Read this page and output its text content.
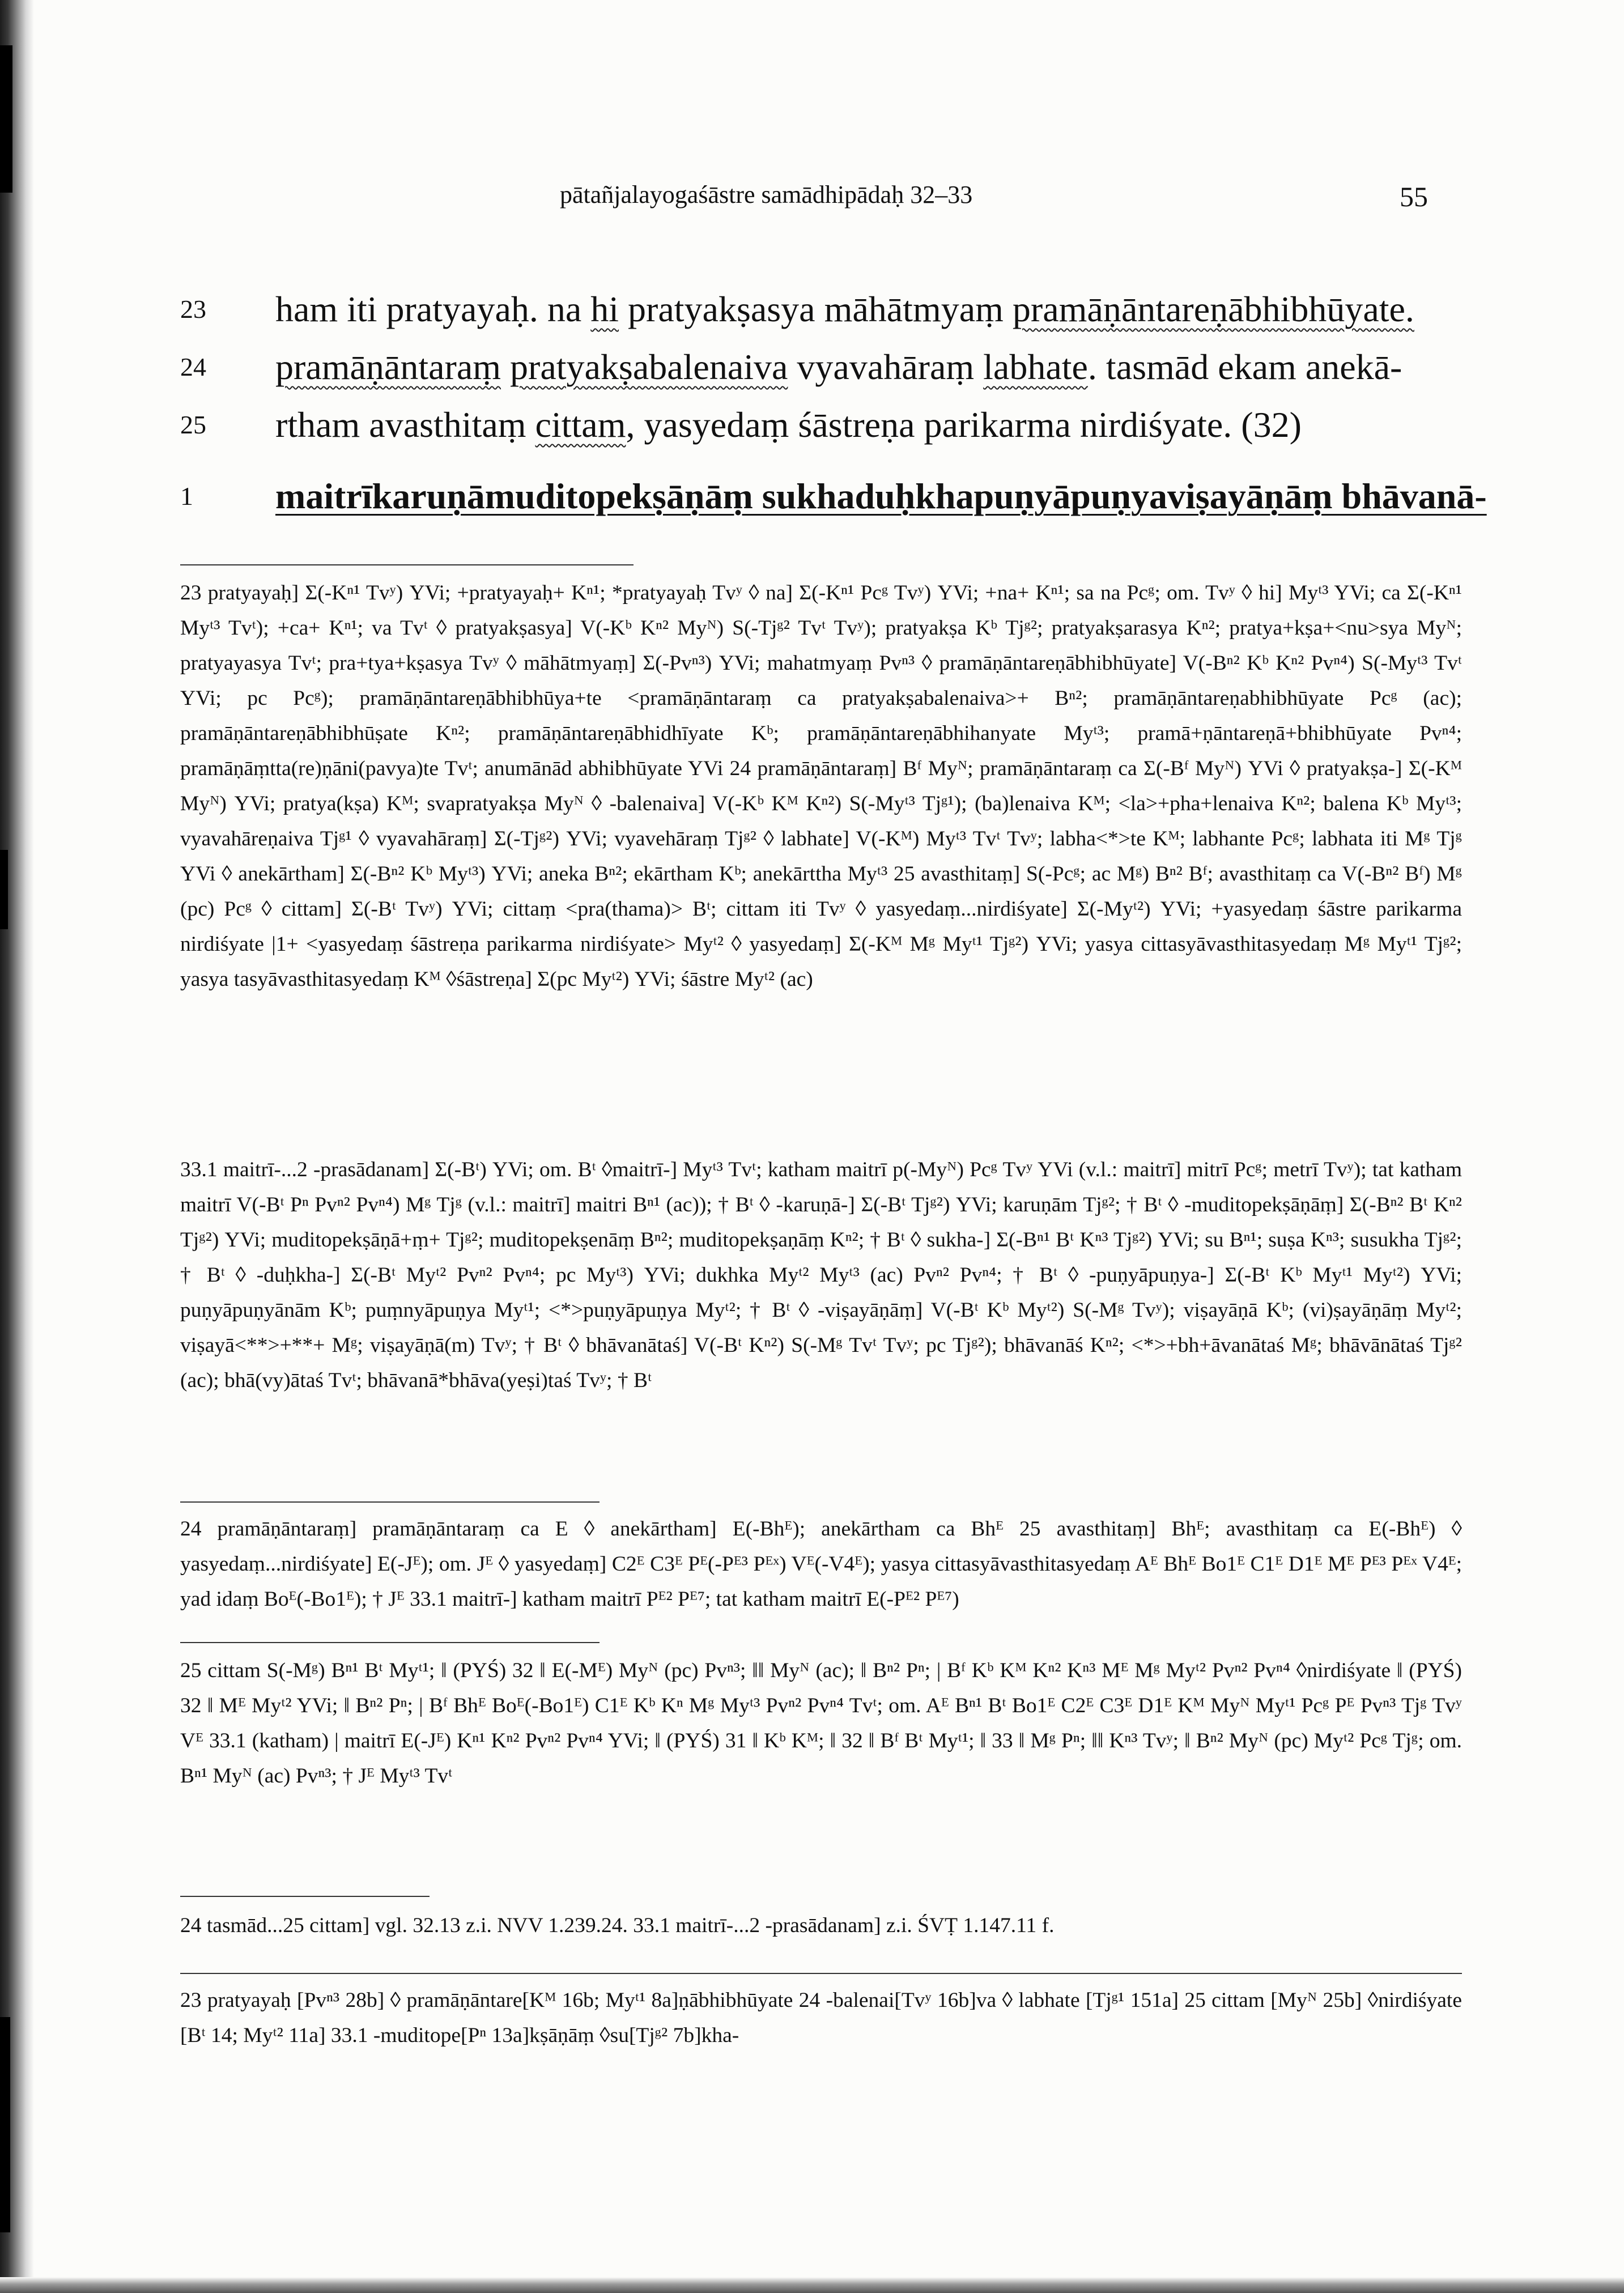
pātañjalayogaśāstre samādhipādaḥ 32–33	55
23 ham iti pratyayaḥ. na hi pratyakṣasya māhātmyaṃ pramāṇāntareṇābhibhūyate.
24 pramāṇāntaraṃ pratyakṣabalenaiva vyavahāraṃ labhate. tasmād ekam anekā-
25 rtham avasthitaṃ cittam, yasyedaṃ śāstreṇa parikarma nirdiśyate. (32)
1	maitrīkaruṇāmuditopekṣāṇāṃ sukhaduḥkhapuṇyāpuṇyaviṣayāṇāṃ bhāvanā-

23 pratyayaḥ] Σ(-Kⁿ¹ Tvʸ) YVi; +pratyayaḥ+ Kⁿ¹; *pratyayaḥ Tvʸ ◊ na] Σ(-Kⁿ¹ Pcᵍ Tvʸ) YVi; +na+ Kⁿ¹; sa na Pcᵍ; om. Tvʸ ◊ hi] Myᵗ³ YVi; ca Σ(-Kⁿ¹ Myᵗ³ Tvᵗ); +ca+ Kⁿ¹; va Tvᵗ ◊ pratyakṣasya] V(-Kᵇ Kⁿ² Myᴺ) S(-Tjᵍ² Tvᵗ Tvʸ); pratyakṣa Kᵇ Tjᵍ²; pratyakṣarasya Kⁿ²; pratya+kṣa+<nu>sya Myᴺ; pratyayasya Tvᵗ; pra+tya+kṣasya Tvʸ ◊ māhātmyaṃ] Σ(-Pvⁿ³) YVi; mahatmyaṃ Pvⁿ³ ◊ pramāṇāntareṇābhibhūyate] V(-Bⁿ² Kᵇ Kⁿ² Pvⁿ⁴) S(-Myᵗ³ Tvᵗ YVi; pc Pcᵍ); pramāṇāntareṇābhibhūya+te <pramāṇāntaraṃ ca pratyakṣabalenaiva>+ Bⁿ²; pramāṇāntareṇabhibhūyate Pcᵍ (ac); pramāṇāntareṇābhibhūṣate Kⁿ²; pramāṇāntareṇābhidhīyate Kᵇ; pramāṇāntareṇābhihanyate Myᵗ³; pramā+ṇāntareṇā+bhibhūyate Pvⁿ⁴; pramāṇāṃtta(re)ṇāni(pavya)te Tvᵗ; anumānād abhibhūyate YVi 24 pramāṇāntaraṃ] Bᶠ Myᴺ; pramāṇāntaraṃ ca Σ(-Bᶠ Myᴺ) YVi ◊ pratyakṣa-] Σ(-Kᴹ Myᴺ) YVi; pratya(kṣa) Kᴹ; svapratyakṣa Myᴺ ◊ -balenaiva] V(-Kᵇ Kᴹ Kⁿ²) S(-Myᵗ³ Tjᵍ¹); (ba)lenaiva Kᴹ; <la>+pha+lenaiva Kⁿ²; balena Kᵇ Myᵗ³; vyavahāreṇaiva Tjᵍ¹ ◊ vyavahāraṃ] Σ(-Tjᵍ²) YVi; vyavehāraṃ Tjᵍ² ◊ labhate] V(-Kᴹ) Myᵗ³ Tvᵗ Tvʸ; labha<*>te Kᴹ; labhante Pcᵍ; labhata iti Mᵍ Tjᵍ YVi ◊ anekārtham] Σ(-Bⁿ² Kᵇ Myᵗ³) YVi; aneka Bⁿ²; ekārtham Kᵇ; anekārttha Myᵗ³ 25 avasthitaṃ] S(-Pcᵍ; ac Mᵍ) Bⁿ² Bᶠ; avasthitaṃ ca V(-Bⁿ² Bᶠ) Mᵍ (pc) Pcᵍ ◊ cittam] Σ(-Bᵗ Tvʸ) YVi; cittaṃ <pra(thama)> Bᵗ; cittam iti Tvʸ ◊ yasyedaṃ...nirdiśyate] Σ(-Myᵗ²) YVi; +yasyedaṃ śāstre parikarma nirdiśyate |1+ <yasyedaṃ śāstreṇa parikarma nirdiśyate> Myᵗ² ◊ yasyedaṃ] Σ(-Kᴹ Mᵍ Myᵗ¹ Tjᵍ²) YVi; yasya cittasyāvasthitasyedaṃ Mᵍ Myᵗ¹ Tjᵍ²; yasya tasyāvasthitasyedaṃ Kᴹ ◊śāstreṇa] Σ(pc Myᵗ²) YVi; śāstre Myᵗ² (ac)

33.1 maitrī-...2 -prasādanam] Σ(-Bᵗ) YVi; om. Bᵗ ◊maitrī-] Myᵗ³ Tvᵗ; katham maitrī p(-Myᴺ) Pcᵍ Tvʸ YVi (v.l.: maitrī] mitrī Pcᵍ; metrī Tvʸ); tat katham maitrī V(-Bᵗ Pⁿ Pvⁿ² Pvⁿ⁴) Mᵍ Tjᵍ (v.l.: maitrī] maitri Bⁿ¹ (ac)); † Bᵗ ◊ -karuṇā-] Σ(-Bᵗ Tjᵍ²) YVi; karuṇām Tjᵍ²; † Bᵗ ◊ -muditopekṣāṇāṃ] Σ(-Bⁿ² Bᵗ Kⁿ² Tjᵍ²) YVi; muditopekṣāṇā+ṃ+ Tjᵍ²; muditopekṣenāṃ Bⁿ²; muditopekṣaṇāṃ Kⁿ²; † Bᵗ ◊ sukha-] Σ(-Bⁿ¹ Bᵗ Kⁿ³ Tjᵍ²) YVi; su Bⁿ¹; suṣa Kⁿ³; susukha Tjᵍ²; † Bᵗ ◊ -duḥkha-] Σ(-Bᵗ Myᵗ² Pvⁿ² Pvⁿ⁴; pc Myᵗ³) YVi; dukhka Myᵗ² Myᵗ³ (ac) Pvⁿ² Pvⁿ⁴; † Bᵗ ◊ -puṇyāpuṇya-] Σ(-Bᵗ Kᵇ Myᵗ¹ Myᵗ²) YVi; puṇyāpuṇyānām Kᵇ; puṃnyāpuṇya Myᵗ¹; <*>puṇyāpuṇya Myᵗ²; † Bᵗ ◊ -viṣayāṇāṃ] V(-Bᵗ Kᵇ Myᵗ²) S(-Mᵍ Tvʸ); viṣayāṇā Kᵇ; (vi)ṣayāṇāṃ Myᵗ²; viṣayā<**>+**+ Mᵍ; viṣayāṇā(m) Tvʸ; † Bᵗ ◊ bhāvanātaś] V(-Bᵗ Kⁿ²) S(-Mᵍ Tvᵗ Tvʸ; pc Tjᵍ²); bhāvanāś Kⁿ²; <*>+bh+āvanātaś Mᵍ; bhāvānātaś Tjᵍ² (ac); bhā(vy)ātaś Tvᵗ; bhāvanā*bhāva(yeṣi)taś Tvʸ; † Bᵗ

24 pramāṇāntaraṃ] pramāṇāntaraṃ ca E ◊ anekārtham] E(-Bhᴱ); anekārtham ca Bhᴱ 25 avasthitaṃ] Bhᴱ; avasthitaṃ ca E(-Bhᴱ) ◊ yasyedaṃ...nirdiśyate] E(-Jᴱ); om. Jᴱ ◊ yasyedaṃ] C2ᴱ C3ᴱ Pᴱ(-Pᴱ³ Pᴱˣ) Vᴱ(-V4ᴱ); yasya cittasyāvasthitasyedaṃ Aᴱ Bhᴱ Bo1ᴱ C1ᴱ D1ᴱ Mᴱ Pᴱ³ Pᴱˣ V4ᴱ; yad idaṃ Boᴱ(-Bo1ᴱ); † Jᴱ 33.1 maitrī-] katham maitrī Pᴱ² Pᴱ⁷; tat katham maitrī E(-Pᴱ² Pᴱ⁷)

25 cittam S(-Mᵍ) Bⁿ¹ Bᵗ Myᵗ¹; ‖ (PYŚ) 32 ‖ E(-Mᴱ) Myᴺ (pc) Pvⁿ³; ‖‖ Myᴺ (ac); ‖ Bⁿ² Pⁿ; | Bᶠ Kᵇ Kᴹ Kⁿ² Kⁿ³ Mᴱ Mᵍ Myᵗ² Pvⁿ² Pvⁿ⁴ ◊nirdiśyate ‖ (PYŚ) 32 ‖ Mᴱ Myᵗ² YVi; ‖ Bⁿ² Pⁿ; | Bᶠ Bhᴱ Boᴱ(-Bo1ᴱ) C1ᴱ Kᵇ Kⁿ Mᵍ Myᵗ³ Pvⁿ² Pvⁿ⁴ Tvᵗ; om. Aᴱ Bⁿ¹ Bᵗ Bo1ᴱ C2ᴱ C3ᴱ D1ᴱ Kᴹ Myᴺ Myᵗ¹ Pcᵍ Pᴱ Pvⁿ³ Tjᵍ Tvʸ Vᴱ 33.1 (katham) | maitrī E(-Jᴱ) Kⁿ¹ Kⁿ² Pvⁿ² Pvⁿ⁴ YVi; ‖ (PYŚ) 31 ‖ Kᵇ Kᴹ; ‖ 32 ‖ Bᶠ Bᵗ Myᵗ¹; ‖ 33 ‖ Mᵍ Pⁿ; ‖‖ Kⁿ³ Tvʸ; ‖ Bⁿ² Myᴺ (pc) Myᵗ² Pcᵍ Tjᵍ; om. Bⁿ¹ Myᴺ (ac) Pvⁿ³; † Jᴱ Myᵗ³ Tvᵗ

24 tasmād...25 cittam] vgl. 32.13 z.i. NVV 1.239.24. 33.1 maitrī-...2 -prasādanam] z.i. ŚVṬ 1.147.11 f.

23 pratyayaḥ [Pvⁿ³ 28b] ◊ pramāṇāntare[Kᴹ 16b; Myᵗ¹ 8a]ṇābhibhūyate 24 -balenai[Tvʸ 16b]va ◊ labhate [Tjᵍ¹ 151a] 25 cittam [Myᴺ 25b] ◊nirdiśyate [Bᵗ 14; Myᵗ² 11a] 33.1 -muditope[Pⁿ 13a]kṣāṇāṃ ◊su[Tjᵍ² 7b]kha-
